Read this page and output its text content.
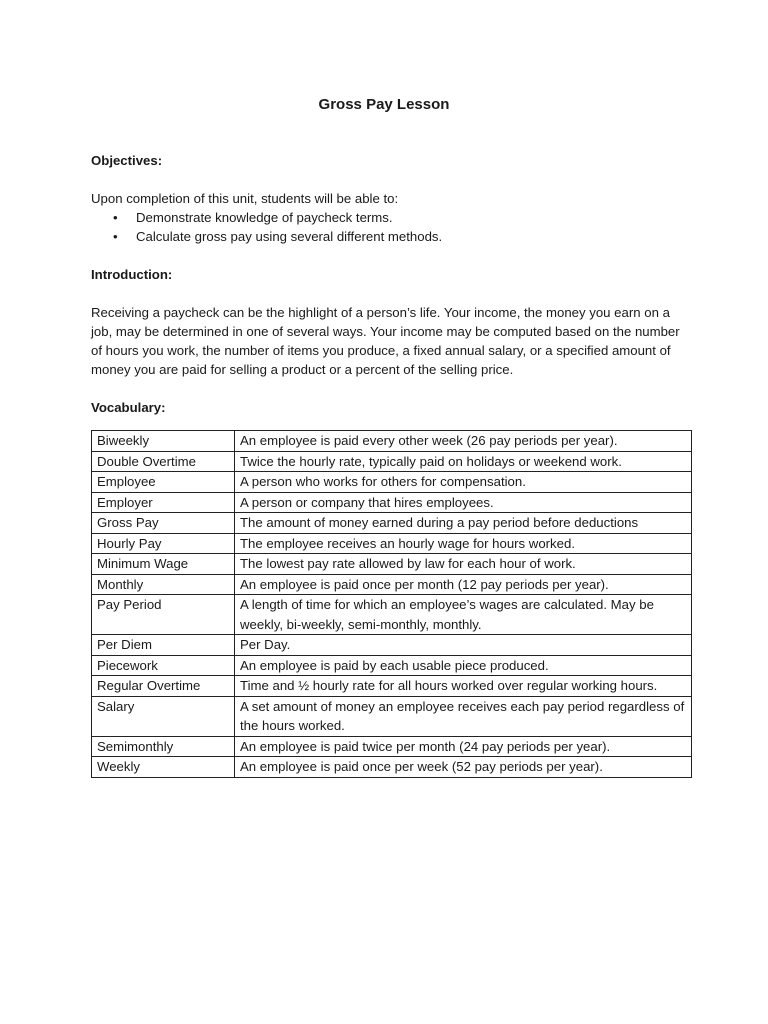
Gross Pay Lesson

Objectives:

Upon completion of this unit, students will be able to:

• Demonstrate knowledge of paycheck terms.
• Calculate gross pay using several different methods.

Introduction:

Receiving a paycheck can be the highlight of a person’s life. Your income, the money you earn on a job, may be determined in one of several ways. Your income may be computed based on the number of hours you work, the number of items you produce, a fixed annual salary, or a specified amount of money you are paid for selling a product or a percent of the selling price.

Vocabulary:

Biweekly	An employee is paid every other week (26 pay periods per year).
Double Overtime	Twice the hourly rate, typically paid on holidays or weekend work.
Employee	A person who works for others for compensation.
Employer	A person or company that hires employees.
Gross Pay	The amount of money earned during a pay period before deductions
Hourly Pay	The employee receives an hourly wage for hours worked.
Minimum Wage	The lowest pay rate allowed by law for each hour of work.
Monthly	An employee is paid once per month (12 pay periods per year).
Pay Period	A length of time for which an employee’s wages are calculated. May be weekly, bi-weekly, semi-monthly, monthly.
Per Diem	Per Day.
Piecework	An employee is paid by each usable piece produced.
Regular Overtime	Time and ½ hourly rate for all hours worked over regular working hours.
Salary	A set amount of money an employee receives each pay period regardless of the hours worked.
Semimonthly	An employee is paid twice per month (24 pay periods per year).
Weekly	An employee is paid once per week (52 pay periods per year).
